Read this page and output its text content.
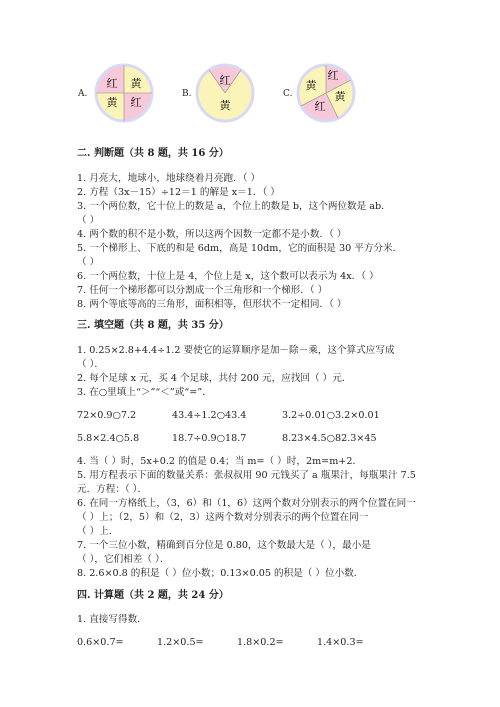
A.
红 黄
黄 红
B.
红
黄
C.
黄
红
红
黄
二. 判断题（共 8 题，共 16 分）
1. 月亮大，地球小，地球绕着月亮跑．（ ）
2. 方程（3x－15）÷12＝1 的解是 x＝1．（ ）
3. 一个两位数，它十位上的数是 a，个位上的数是 b，这个两位数是 ab．
（ ）
4. 两个数的积不是小数，所以这两个因数一定都不是小数．（ ）
5. 一个梯形上、下底的和是 6dm，高是 10dm，它的面积是 30 平方分米．
（ ）
6. 一个两位数，十位上是 4，个位上是 x，这个数可以表示为 4x．（ ）
7. 任何一个梯形都可以分割成一个三角形和一个梯形．（ ）
8. 两个等底等高的三角形，面积相等，但形状不一定相同．（ ）
三. 填空题（共 8 题，共 35 分）
1. 0.25×2.8+4.4÷1.2 要使它的运算顺序是加－除－乘，这个算式应写成
（ ）．
2. 每个足球 x 元，买 4 个足球，共付 200 元，应找回（ ）元．
3. 在○里填上“＞”“＜”或“=”．
72×0.9○7.2	43.4÷1.2○43.4	3.2÷0.01○3.2×0.01
5.8×2.4○5.8	18.7÷0.9○18.7	8.23×4.5○82.3×45
4. 当（ ）时，5x+0.2 的值是 0.4；当 m=（ ）时，2m=m+2．
5. 用方程表示下面的数量关系：张叔叔用 90 元钱买了 a 瓶果汁，每瓶果汁 7.5
元．方程：（ ）．
6. 在同一方格纸上，（3，6）和（1，6）这两个数对分别表示的两个位置在同一
（ ）上；（2，5）和（2，3）这两个数对分别表示的两个位置在同一
（ ）上．
7. 一个三位小数，精确到百分位是 0.80，这个数最大是（ ），最小是
（ ），它们相差（ ）．
8. 2.6×0.8 的积是（ ）位小数；0.13×0.05 的积是（ ）位小数．
四. 计算题（共 2 题，共 24 分）
1. 直接写得数．
0.6×0.7=	1.2×0.5=	1.8×0.2=	1.4×0.3=
